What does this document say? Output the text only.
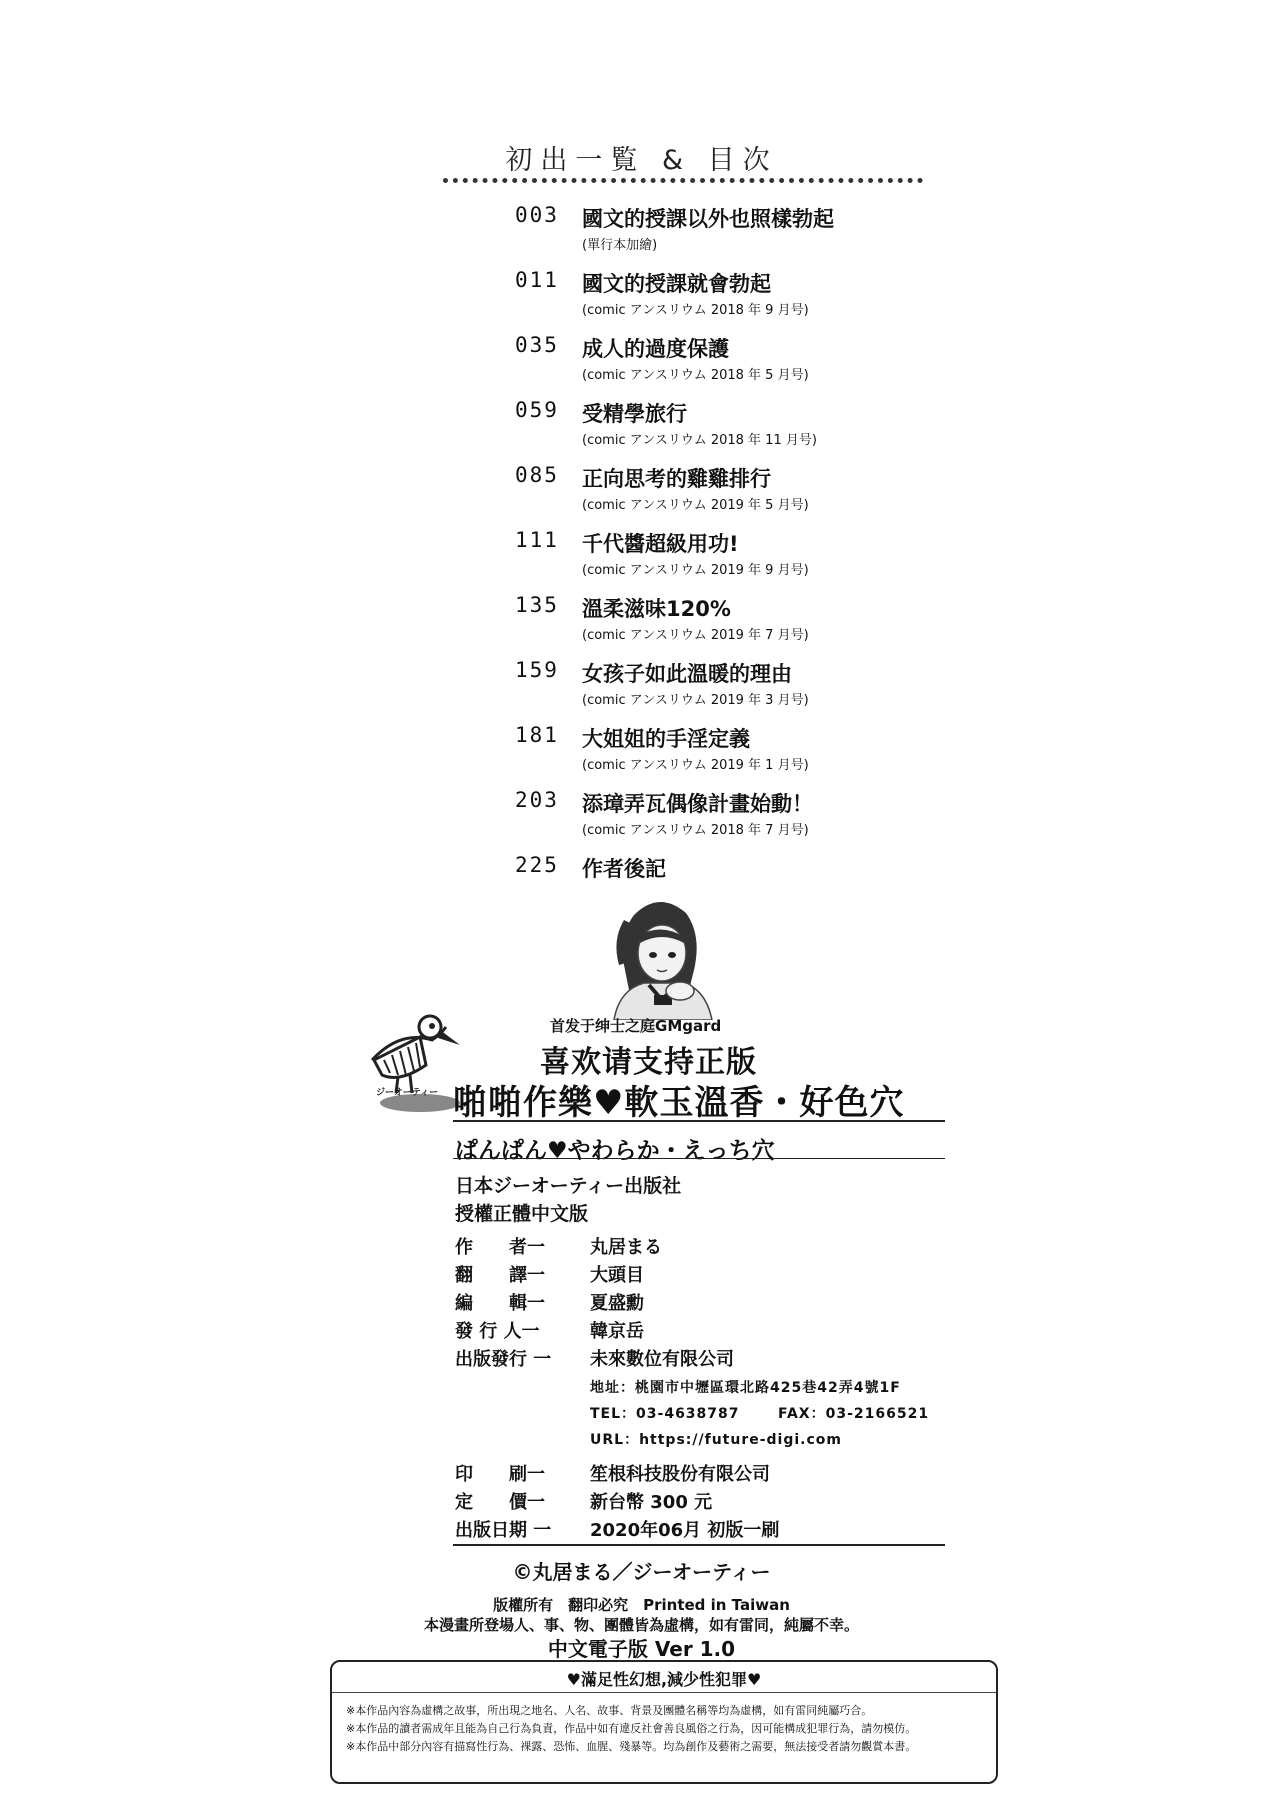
初出一覧 & 目次
003 國文的授課以外也照樣勃起
(單行本加繪)
011 國文的授課就會勃起
(comic アンスリウム 2018 年 9 月号)
035 成人的過度保護
(comic アンスリウム 2018 年 5 月号)
059 受精學旅行
(comic アンスリウム 2018 年 11 月号)
085 正向思考的雞雞排行
(comic アンスリウム 2019 年 5 月号)
111 千代醬超級用功!
(comic アンスリウム 2019 年 9 月号)
135 溫柔滋味120%
(comic アンスリウム 2019 年 7 月号)
159 女孩子如此溫暖的理由
(comic アンスリウム 2019 年 3 月号)
181 大姐姐的手淫定義
(comic アンスリウム 2019 年 1 月号)
203 添璋弄瓦偶像計畫始動！
(comic アンスリウム 2018 年 7 月号)
225 作者後記
ジーオーティー
首发于绅士之庭GMgard
喜欢请支持正版
啪啪作樂♥軟玉溫香・好色穴
ぱんぱん♥やわらか・えっち穴
日本ジーオーティー出版社
授權正體中文版
作　　者一	丸居まる
翻　　譯一	大頭目
編　　輯一	夏盛勳
發 行 人一	韓京岳
出版發行 一 未來數位有限公司
地址：桃園市中壢區環北路425巷42弄4號1F
TEL：03-4638787	FAX：03-2166521
URL：https://future-digi.com
印　　刷一	笙根科技股份有限公司
定　　價一	新台幣 300 元
出版日期 一 2020年06月 初版一刷
©丸居まる／ジーオーティー
版權所有　翻印必究　Printed in Taiwan
本漫畫所登場人、事、物、團體皆為虛構，如有雷同，純屬不幸。
中文電子版 Ver 1.0
♥滿足性幻想,減少性犯罪♥
※本作品內容為虛構之故事，所出現之地名、人名、故事、背景及團體名稱等均為虛構，如有雷同純屬巧合。
※本作品的讀者需成年且能為自己行為負責，作品中如有違反社會善良風俗之行為，因可能構成犯罪行為，請勿模仿。
※本作品中部分內容有描寫性行為、裸露、恐怖、血腥、殘暴等。均為創作及藝術之需要，無法接受者請勿觀賞本書。
